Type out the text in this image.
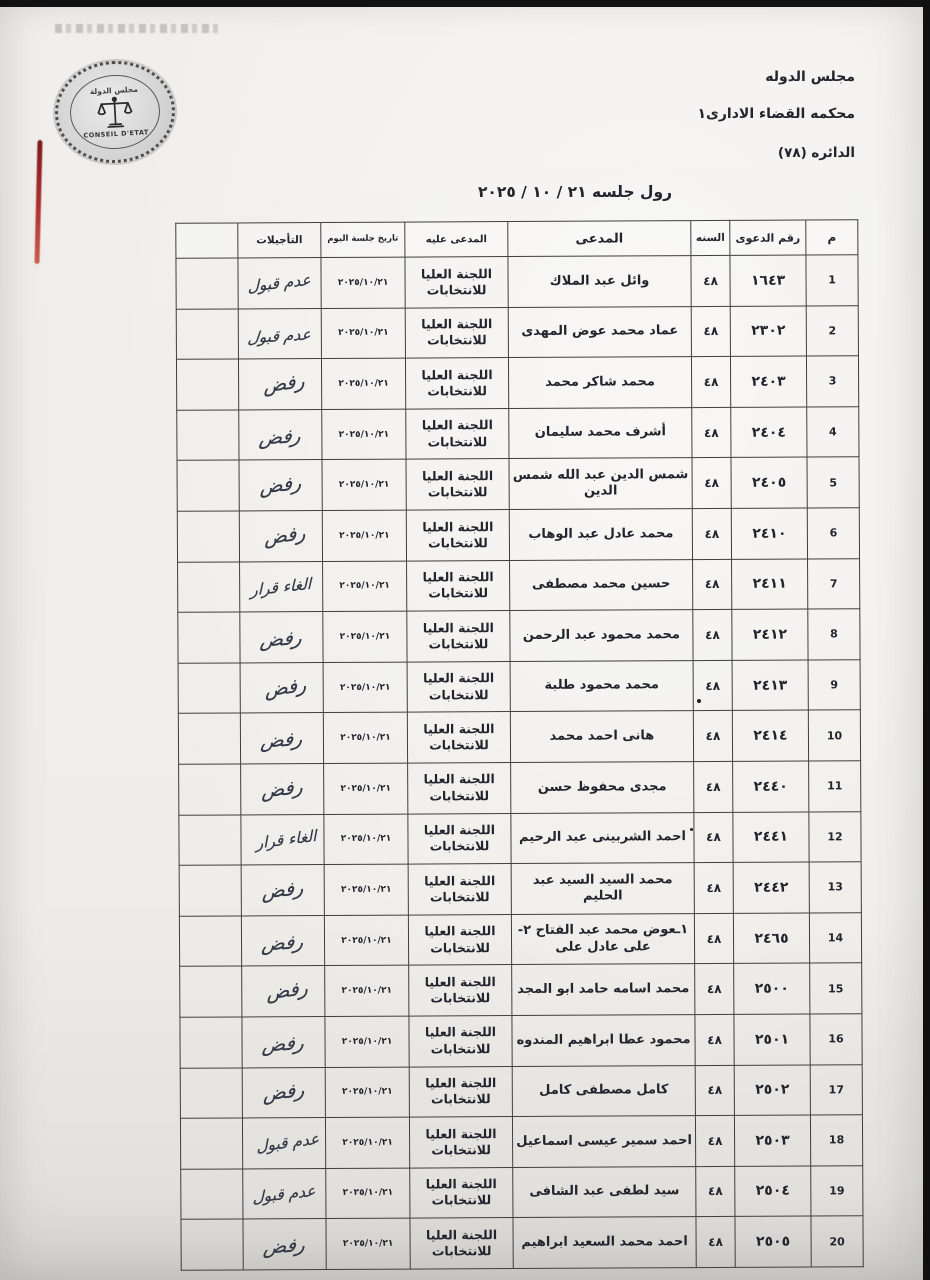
مجلس الدولة
CONSEIL D'ETAT
مجلس الدوله
محكمه القضاء الادارى١
الدائره (٧٨)
رول جلسه ٢١ / ١٠ / ٢٠٢٥
م	رقم الدعوى	السنه	المدعى	المدعى عليه	تاريخ جلسة اليوم	التأجيلات	
1	١٦٤٣	٤٨	وائل عبد الملاك	اللجنة العليا للانتخابات	٢٠٢٥/١٠/٢١	عدم قبول	
2	٢٣٠٢	٤٨	عماد محمد عوض المهدى	اللجنة العليا للانتخابات	٢٠٢٥/١٠/٢١	عدم قبول	
3	٢٤٠٣	٤٨	محمد شاكر محمد	اللجنة العليا للانتخابات	٢٠٢٥/١٠/٢١	رفض	
4	٢٤٠٤	٤٨	أشرف محمد سليمان	اللجنة العليا للانتخابات	٢٠٢٥/١٠/٢١	رفض	
5	٢٤٠٥	٤٨	شمس الدين عبد الله شمس الدين	اللجنة العليا للانتخابات	٢٠٢٥/١٠/٢١	رفض	
6	٢٤١٠	٤٨	محمد عادل عبد الوهاب	اللجنة العليا للانتخابات	٢٠٢٥/١٠/٢١	رفض	
7	٢٤١١	٤٨	حسين محمد مصطفى	اللجنة العليا للانتخابات	٢٠٢٥/١٠/٢١	الغاء قرار	
8	٢٤١٢	٤٨	محمد محمود عبد الرحمن	اللجنة العليا للانتخابات	٢٠٢٥/١٠/٢١	رفض	
9	٢٤١٣	٤٨	محمد محمود طلبة	اللجنة العليا للانتخابات	٢٠٢٥/١٠/٢١	رفض	
10	٢٤١٤	٤٨	هانى احمد محمد	اللجنة العليا للانتخابات	٢٠٢٥/١٠/٢١	رفض	
11	٢٤٤٠	٤٨	مجدى محفوظ حسن	اللجنة العليا للانتخابات	٢٠٢٥/١٠/٢١	رفض	
12	٢٤٤١	٤٨	احمد الشربينى عبد الرحيم	اللجنة العليا للانتخابات	٢٠٢٥/١٠/٢١	الغاء قرار	
13	٢٤٤٢	٤٨	محمد السيد السيد عبد الحليم	اللجنة العليا للانتخابات	٢٠٢٥/١٠/٢١	رفض	
14	٢٤٦٥	٤٨	١ـعوض محمد عبد الفتاح ٢- على عادل على	اللجنة العليا للانتخابات	٢٠٢٥/١٠/٢١	رفض	
15	٢٥٠٠	٤٨	محمد اسامه حامد ابو المجد	اللجنة العليا للانتخابات	٢٠٢٥/١٠/٢١	رفض	
16	٢٥٠١	٤٨	محمود عطا ابراهيم المندوه	اللجنة العليا للانتخابات	٢٠٢٥/١٠/٢١	رفض	
17	٢٥٠٢	٤٨	كامل مصطفى كامل	اللجنة العليا للانتخابات	٢٠٢٥/١٠/٢١	رفض	
18	٢٥٠٣	٤٨	احمد سمير عيسى اسماعيل	اللجنة العليا للانتخابات	٢٠٢٥/١٠/٢١	عدم قبول	
19	٢٥٠٤	٤٨	سيد لطفى عبد الشافى	اللجنة العليا للانتخابات	٢٠٢٥/١٠/٢١	عدم قبول	
20	٢٥٠٥	٤٨	احمد محمد السعيد ابراهيم	اللجنة العليا للانتخابات	٢٠٢٥/١٠/٢١	رفض	
